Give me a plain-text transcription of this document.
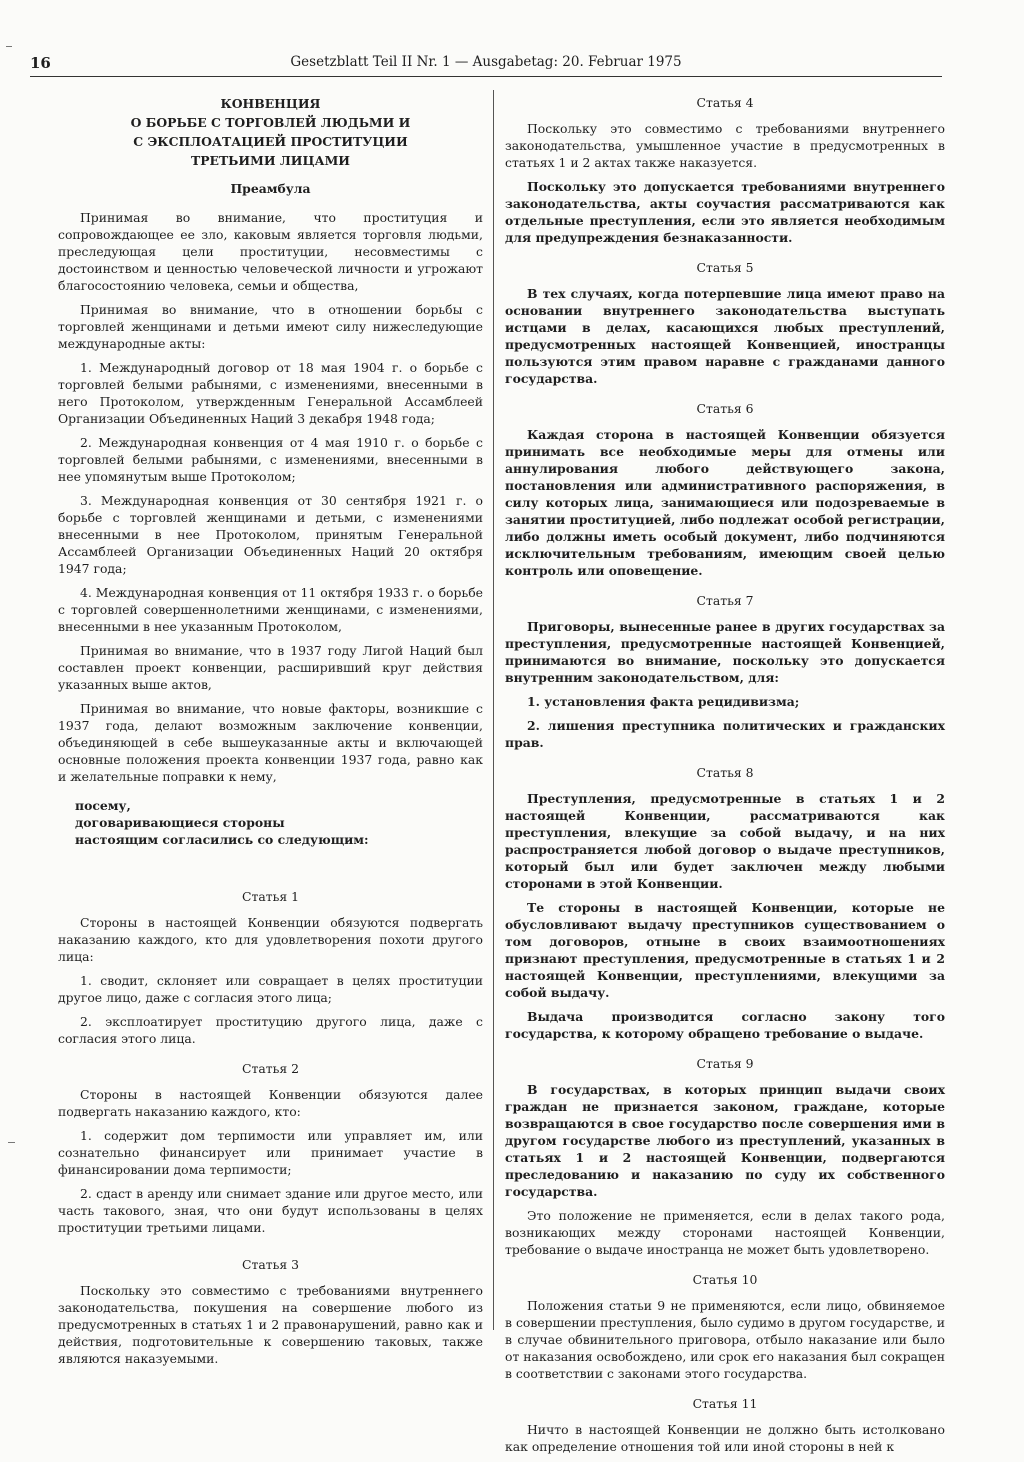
16	Gesetzblatt Teil II Nr. 1 — Ausgabetag: 20. Februar 1975
КОНВЕНЦИЯ
О БОРЬБЕ С ТОРГОВЛЕЙ ЛЮДЬМИ И
С ЭКСПЛОАТАЦИЕЙ ПРОСТИТУЦИИ
ТРЕТЬИМИ ЛИЦАМИ

Преамбула

Принимая во внимание, что проституция и сопровождающее ее зло, каковым является торговля людьми, преследующая цели проституции, несовместимы с достоинством и ценностью человеческой личности и угрожают благосостоянию человека, семьи и общества,

Принимая во внимание, что в отношении борьбы с торговлей женщинами и детьми имеют силу нижеследующие международные акты:

1. Международный договор от 18 мая 1904 г. о борьбе с торговлей белыми рабынями, с изменениями, внесенными в него Протоколом, утвержденным Генеральной Ассамблеей Организации Объединенных Наций 3 декабря 1948 года;

2. Международная конвенция от 4 мая 1910 г. о борьбе с торговлей белыми рабынями, с изменениями, внесенными в нее упомянутым выше Протоколом;

3. Международная конвенция от 30 сентября 1921 г. о борьбе с торговлей женщинами и детьми, с изменениями внесенными в нее Протоколом, принятым Генеральной Ассамблеей Организации Объединенных Наций 20 октября 1947 года;

4. Международная конвенция от 11 октября 1933 г. о борьбе с торговлей совершеннолетними женщинами, с изменениями, внесенными в нее указанным Протоколом,

Принимая во внимание, что в 1937 году Лигой Наций был составлен проект конвенции, расширивший круг действия указанных выше актов,

Принимая во внимание, что новые факторы, возникшие с 1937 года, делают возможным заключение конвенции, объединяющей в себе вышеуказанные акты и включающей основные положения проекта конвенции 1937 года, равно как и желательные поправки к нему,

посему,
договаривающиеся стороны
настоящим согласились со следующим:

Статья 1

Стороны в настоящей Конвенции обязуются подвергать наказанию каждого, кто для удовлетворения похоти другого лица:

1. сводит, склоняет или совращает в целях проституции другое лицо, даже с согласия этого лица;

2. эксплоатирует проституцию другого лица, даже с согласия этого лица.

Статья 2

Стороны в настоящей Конвенции обязуются далее подвергать наказанию каждого, кто:

1. содержит дом терпимости или управляет им, или сознательно финансирует или принимает участие в финансировании дома терпимости;

2. сдаст в аренду или снимает здание или другое место, или часть такового, зная, что они будут использованы в целях проституции третьими лицами.

Статья 3

Поскольку это совместимо с требованиями внутреннего законодательства, покушения на совершение любого из предусмотренных в статьях 1 и 2 правонарушений, равно как и действия, подготовительные к совершению таковых, также являются наказуемыми.

Статья 4

Поскольку это совместимо с требованиями внутреннего законодательства, умышленное участие в предусмотренных в статьях 1 и 2 актах также наказуется.

Поскольку это допускается требованиями внутреннего законодательства, акты соучастия рассматриваются как отдельные преступления, если это является необходимым для предупреждения безнаказанности.

Статья 5

В тех случаях, когда потерпевшие лица имеют право на основании внутреннего законодательства выступать истцами в делах, касающихся любых преступлений, предусмотренных настоящей Конвенцией, иностранцы пользуются этим правом наравне с гражданами данного государства.

Статья 6

Каждая сторона в настоящей Конвенции обязуется принимать все необходимые меры для отмены или аннулирования любого действующего закона, постановления или административного распоряжения, в силу которых лица, занимающиеся или подозреваемые в занятии проституцией, либо подлежат особой регистрации, либо должны иметь особый документ, либо подчиняются исключительным требованиям, имеющим своей целью контроль или оповещение.

Статья 7

Приговоры, вынесенные ранее в других государствах за преступления, предусмотренные настоящей Конвенцией, принимаются во внимание, поскольку это допускается внутренним законодательством, для:

1. установления факта рецидивизма;

2. лишения преступника политических и гражданских прав.

Статья 8

Преступления, предусмотренные в статьях 1 и 2 настоящей Конвенции, рассматриваются как преступления, влекущие за собой выдачу, и на них распространяется любой договор о выдаче преступников, который был или будет заключен между любыми сторонами в этой Конвенции.

Те стороны в настоящей Конвенции, которые не обусловливают выдачу преступников существованием о том договоров, отныне в своих взаимоотношениях признают преступления, предусмотренные в статьях 1 и 2 настоящей Конвенции, преступлениями, влекущими за собой выдачу.

Выдача производится согласно закону того государства, к которому обращено требование о выдаче.

Статья 9

В государствах, в которых принцип выдачи своих граждан не признается законом, граждане, которые возвращаются в свое государство после совершения ими в другом государстве любого из преступлений, указанных в статьях 1 и 2 настоящей Конвенции, подвергаются преследованию и наказанию по суду их собственного государства.

Это положение не применяется, если в делах такого рода, возникающих между сторонами настоящей Конвенции, требование о выдаче иностранца не может быть удовлетворено.

Статья 10

Положения статьи 9 не применяются, если лицо, обвиняемое в совершении преступления, было судимо в другом государстве, и в случае обвинительного приговора, отбыло наказание или было от наказания освобождено, или срок его наказания был сокращен в соответствии с законами этого государства.

Статья 11

Ничто в настоящей Конвенции не должно быть истолковано как определение отношения той или иной стороны в ней к
